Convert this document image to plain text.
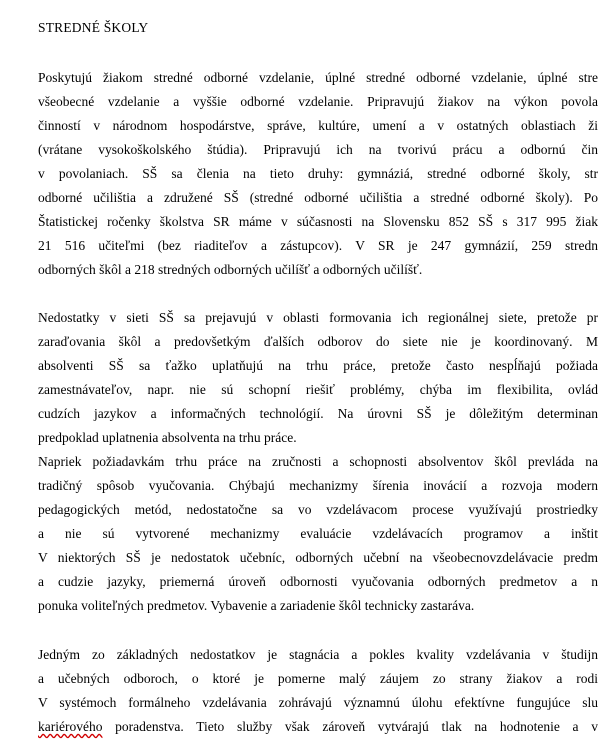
STREDNÉ ŠKOLY
Poskytujú žiakom stredné odborné vzdelanie, úplné stredné odborné vzdelanie, úplné stre
všeobecné vzdelanie a vyššie odborné vzdelanie. Pripravujú žiakov na výkon povola
činností v národnom hospodárstve, správe, kultúre, umení a v ostatných oblastiach ži
(vrátane vysokoškolského štúdia). Pripravujú ich na tvorivú prácu a odbornú čin
v povolaniach. SŠ sa členia na tieto druhy: gymnáziá, stredné odborné školy, str
odborné učilištia a združené SŠ (stredné odborné učilištia a stredné odborné školy). Po
Štatistickej ročenky školstva SR máme v súčasnosti na Slovensku 852 SŠ s 317 995 žiak
21 516 učiteľmi (bez riaditeľov a zástupcov). V SR je 247 gymnázií, 259 stredn
odborných škôl a 218 stredných odborných učilíšť a odborných učilíšť.
Nedostatky v sieti SŠ sa prejavujú v oblasti formovania ich regionálnej siete, pretože pr
zaraďovania škôl a predovšetkým ďalších odborov do siete nie je koordinovaný. M
absolventi SŠ sa ťažko uplatňujú na trhu práce, pretože často nespĺňajú požiada
zamestnávateľov, napr. nie sú schopní riešiť problémy, chýba im flexibilita, ovlád
cudzích jazykov a informačných technológií. Na úrovni SŠ je dôležitým determinan
predpoklad uplatnenia absolventa na trhu práce.
Napriek požiadavkám trhu práce na zručnosti a schopnosti absolventov škôl prevláda na
tradičný spôsob vyučovania. Chýbajú mechanizmy šírenia inovácií a rozvoja modern
pedagogických metód, nedostatočne sa vo vzdelávacom procese využívajú prostriedky
a nie sú vytvorené mechanizmy evaluácie vzdelávacích programov a inštit
V niektorých SŠ je nedostatok učebníc, odborných učební na všeobecnovzdelávacie predm
a cudzie jazyky, priemerná úroveň odbornosti vyučovania odborných predmetov a n
ponuka voliteľných predmetov. Vybavenie a zariadenie škôl technicky zastaráva.
Jedným zo základných nedostatkov je stagnácia a pokles kvality vzdelávania v študijn
a učebných odboroch, o ktoré je pomerne malý záujem zo strany žiakov a rodi
V systémoch formálneho vzdelávania zohrávajú významnú úlohu efektívne fungujúce slu
kariérového poradenstva. Tieto služby však zároveň vytvárajú tlak na hodnotenie a v
